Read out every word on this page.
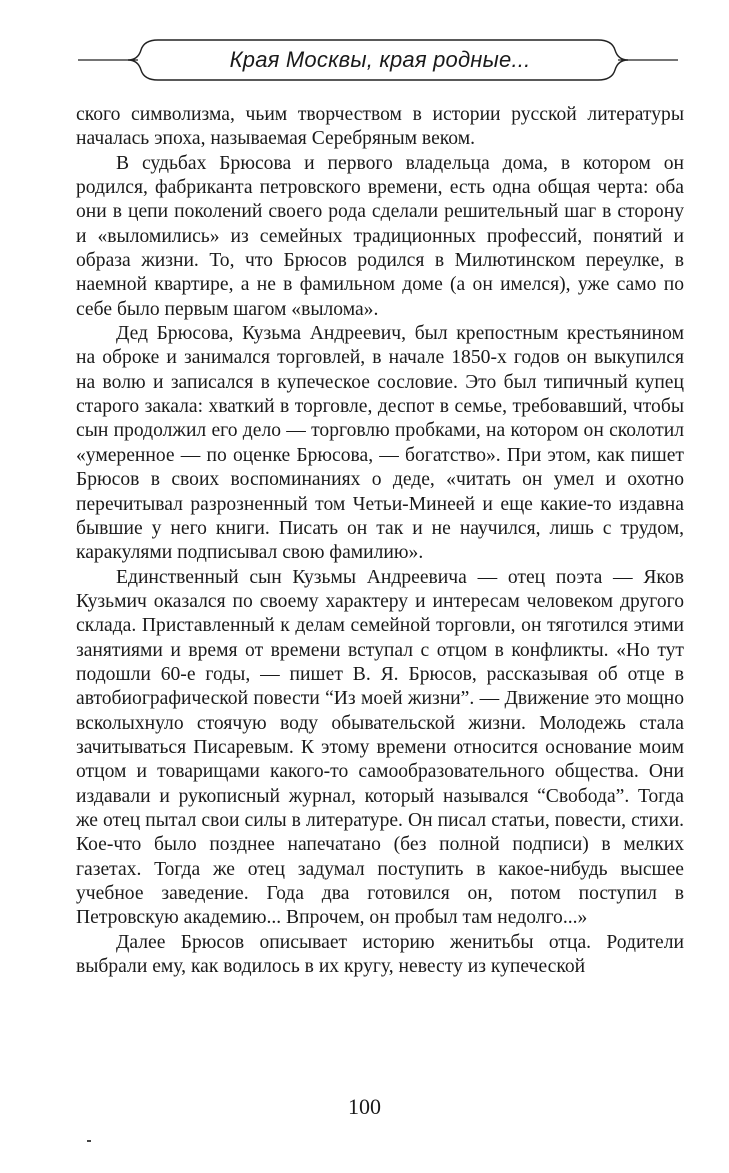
Края Москвы, края родные...

ского символизма, чьим творчеством в истории русской литературы началась эпоха, называемая Серебряным веком.

В судьбах Брюсова и первого владельца дома, в котором он родился, фабриканта петровского времени, есть одна общая черта: оба они в цепи поколений своего рода сделали решительный шаг в сторону и «выломились» из семейных традиционных профессий, понятий и образа жизни. То, что Брюсов родился в Милютинском переулке, в наемной квартире, а не в фамильном доме (а он имелся), уже само по себе было первым шагом «вылома».

Дед Брюсова, Кузьма Андреевич, был крепостным крестьянином на оброке и занимался торговлей, в начале 1850-х годов он выкупился на волю и записался в купеческое сословие. Это был типичный купец старого закала: хваткий в торговле, деспот в семье, требовавший, чтобы сын продолжил его дело — торговлю пробками, на котором он сколотил «умеренное — по оценке Брюсова, — богатство». При этом, как пишет Брюсов в своих воспоминаниях о деде, «читать он умел и охотно перечитывал разрозненный том Четьи-Минеей и еще какие-то издавна бывшие у него книги. Писать он так и не научился, лишь с трудом, каракулями подписывал свою фамилию».

Единственный сын Кузьмы Андреевича — отец поэта — Яков Кузьмич оказался по своему характеру и интересам человеком другого склада. Приставленный к делам семейной торговли, он тяготился этими занятиями и время от времени вступал с отцом в конфликты. «Но тут подошли 60-е годы, — пишет В. Я. Брюсов, рассказывая об отце в автобиографической повести “Из моей жизни”. — Движение это мощно всколыхнуло стоячую воду обывательской жизни. Молодежь стала зачитываться Писаревым. К этому времени относится основание моим отцом и товарищами какого-то самообразовательного общества. Они издавали и рукописный журнал, который назывался “Свобода”. Тогда же отец пытал свои силы в литературе. Он писал статьи, повести, стихи. Кое-что было позднее напечатано (без полной подписи) в мелких газетах. Тогда же отец задумал поступить в какое-нибудь высшее учебное заведение. Года два готовился он, потом поступил в Петровскую академию... Впрочем, он пробыл там недолго...»

Далее Брюсов описывает историю женитьбы отца. Родители выбрали ему, как водилось в их кругу, невесту из купеческой

100
